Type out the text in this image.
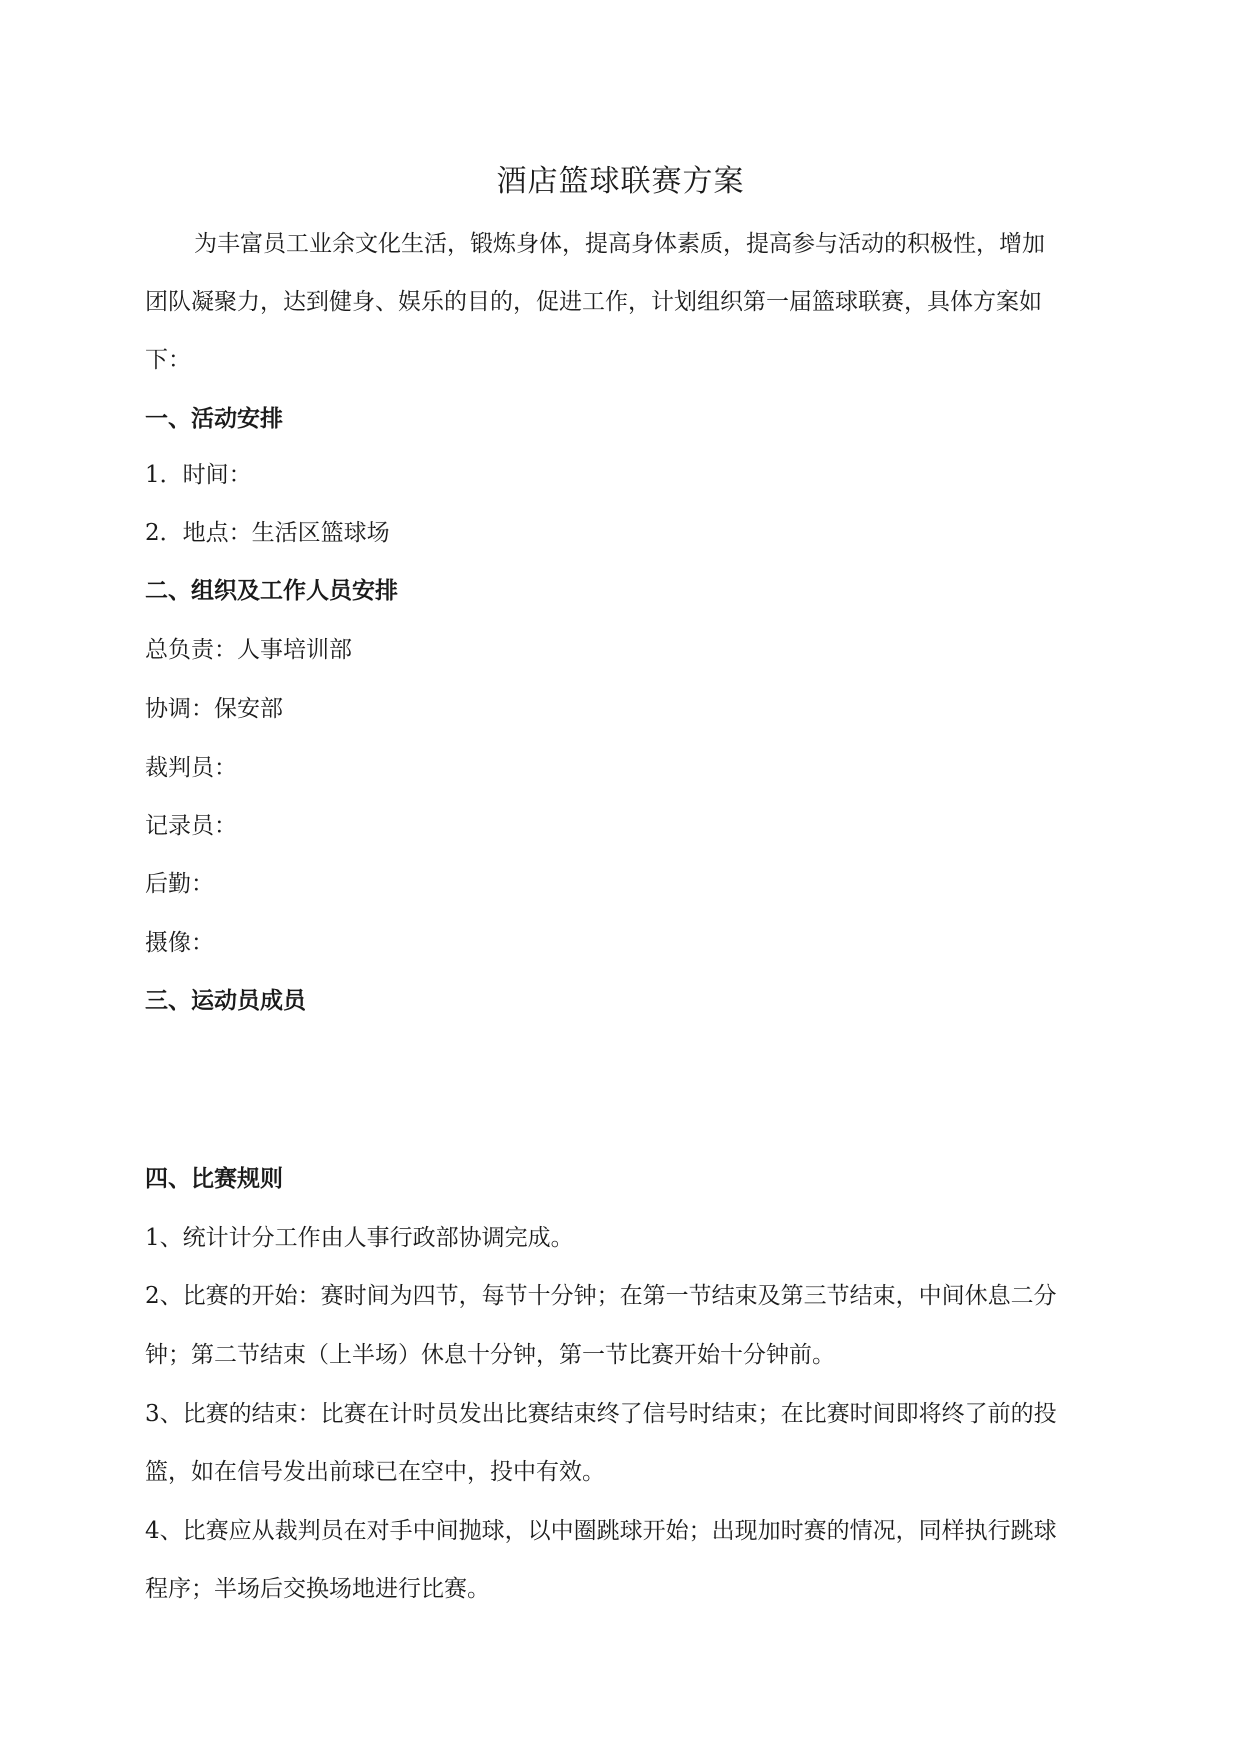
酒店篮球联赛方案
为丰富员工业余文化生活，锻炼身体，提高身体素质，提高参与活动的积极性，增加
团队凝聚力，达到健身、娱乐的目的，促进工作，计划组织第一届篮球联赛，具体方案如
下：
一、活动安排
1．时间：
2．地点：生活区篮球场
二、组织及工作人员安排
总负责：人事培训部
协调：保安部
裁判员：
记录员：
后勤：
摄像：
三、运动员成员
四、比赛规则
1、统计计分工作由人事行政部协调完成。
2、比赛的开始：赛时间为四节，每节十分钟；在第一节结束及第三节结束，中间休息二分
钟；第二节结束（上半场）休息十分钟，第一节比赛开始十分钟前。
3、比赛的结束：比赛在计时员发出比赛结束终了信号时结束；在比赛时间即将终了前的投
篮，如在信号发出前球已在空中，投中有效。
4、比赛应从裁判员在对手中间抛球，以中圈跳球开始；出现加时赛的情况，同样执行跳球
程序；半场后交换场地进行比赛。
